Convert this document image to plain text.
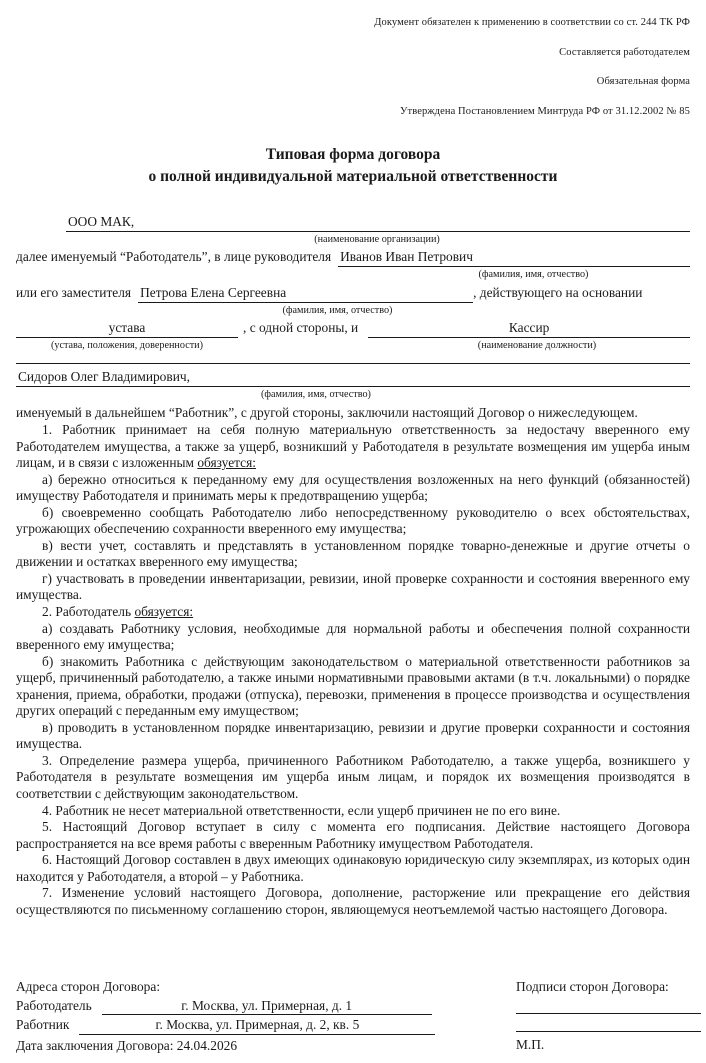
Документ обязателен к применению в соответствии со ст. 244 ТК РФ
Составляется работодателем
Обязательная форма
Утверждена Постановлением Минтруда РФ от 31.12.2002 № 85
Типовая форма договора
о полной индивидуальной материальной ответственности

ООО МАК,
(наименование организации)
далее именуемый “Работодатель”, в лице руководителя Иванов Иван Петрович
(фамилия, имя, отчество)
или его заместителя Петрова Елена Сергеевна	, действующего на основании
(фамилия, имя, отчество)
устава	, с одной стороны, и	Кассир
(устава, положения, доверенности)	(наименование должности)
Сидоров Олег Владимирович,
(фамилия, имя, отчество)

именуемый в дальнейшем “Работник”, с другой стороны, заключили настоящий Договор о нижеследующем.

1. Работник принимает на себя полную материальную ответственность за недостачу вверенного ему Работодателем имущества, а также за ущерб, возникший у Работодателя в результате возмещения им ущерба иным лицам, и в связи с изложенным обязуется:

а) бережно относиться к переданному ему для осуществления возложенных на него функций (обязанностей) имуществу Работодателя и принимать меры к предотвращению ущерба;

б) своевременно сообщать Работодателю либо непосредственному руководителю о всех обстоятельствах, угрожающих обеспечению сохранности вверенного ему имущества;

в) вести учет, составлять и представлять в установленном порядке товарно-денежные и другие отчеты о движении и остатках вверенного ему имущества;

г) участвовать в проведении инвентаризации, ревизии, иной проверке сохранности и состояния вверенного ему имущества.

2. Работодатель обязуется:

а) создавать Работнику условия, необходимые для нормальной работы и обеспечения полной сохранности вверенного ему имущества;

б) знакомить Работника с действующим законодательством о материальной ответственности работников за ущерб, причиненный работодателю, а также иными нормативными правовыми актами (в т.ч. локальными) о порядке хранения, приема, обработки, продажи (отпуска), перевозки, применения в процессе производства и осуществления других операций с переданным ему имуществом;

в) проводить в установленном порядке инвентаризацию, ревизии и другие проверки сохранности и состояния имущества.

3. Определение размера ущерба, причиненного Работником Работодателю, а также ущерба, возникшего у Работодателя в результате возмещения им ущерба иным лицам, и порядок их возмещения производятся в соответствии с действующим законодательством.

4. Работник не несет материальной ответственности, если ущерб причинен не по его вине.

5. Настоящий Договор вступает в силу с момента его подписания. Действие настоящего Договора распространяется на все время работы с вверенным Работнику имуществом Работодателя.

6. Настоящий Договор составлен в двух имеющих одинаковую юридическую силу экземплярах, из которых один находится у Работодателя, а второй – у Работника.

7. Изменение условий настоящего Договора, дополнение, расторжение или прекращение его действия осуществляются по письменному соглашению сторон, являющемуся неотъемлемой частью настоящего Договора.

Адреса сторон Договора:
Работодатель	г. Москва, ул. Примерная, д. 1
Работник	г. Москва, ул. Примерная, д. 2, кв. 5
Дата заключения Договора: 24.04.2026
Подписи сторон Договора:
М.П.
